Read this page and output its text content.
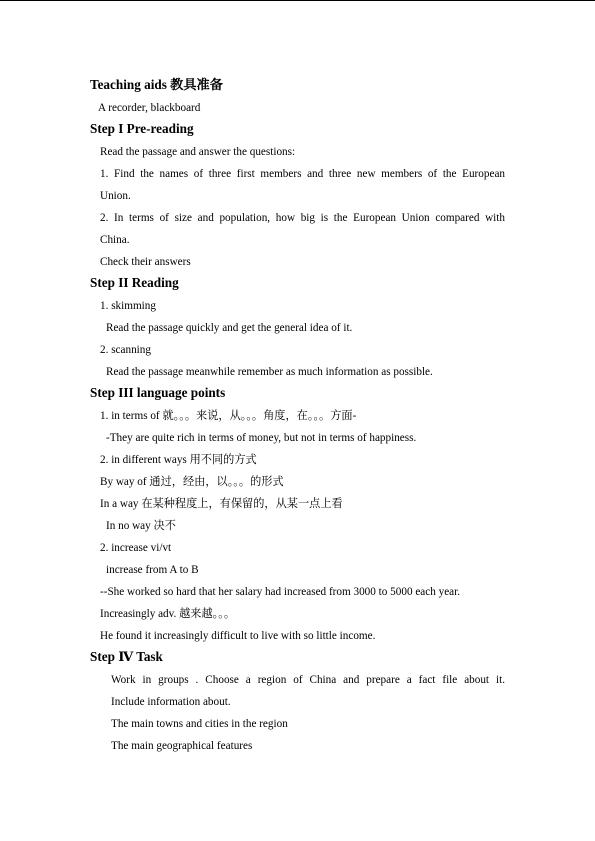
Teaching aids 教具准备
A recorder, blackboard
Step I Pre-reading
Read the passage and answer the questions:
1. Find the names of three first members and three new members of the European
Union.
2. In terms of size and population, how big is the European Union compared with
China.
Check their answers
Step II Reading
1. skimming
Read the passage quickly and get the general idea of it.
2. scanning
Read the passage meanwhile remember as much information as possible.
Step III language points
1. in terms of 就。。。来说，从。。。角度，在。。。方面-
-They are quite rich in terms of money, but not in terms of happiness.
2. in different ways 用不同的方式
By way of 通过，经由，以。。。的形式
In a way 在某种程度上，有保留的，从某一点上看
In no way 决不
2. increase vi/vt
increase from A to B
--She worked so hard that her salary had increased from 3000 to 5000 each year.
Increasingly adv. 越来越。。。
He found it increasingly difficult to live with so little income.
Step Ⅳ Task
Work in groups . Choose a region of China and prepare a fact file about it.
Include information about.
The main towns and cities in the region
The main geographical features
